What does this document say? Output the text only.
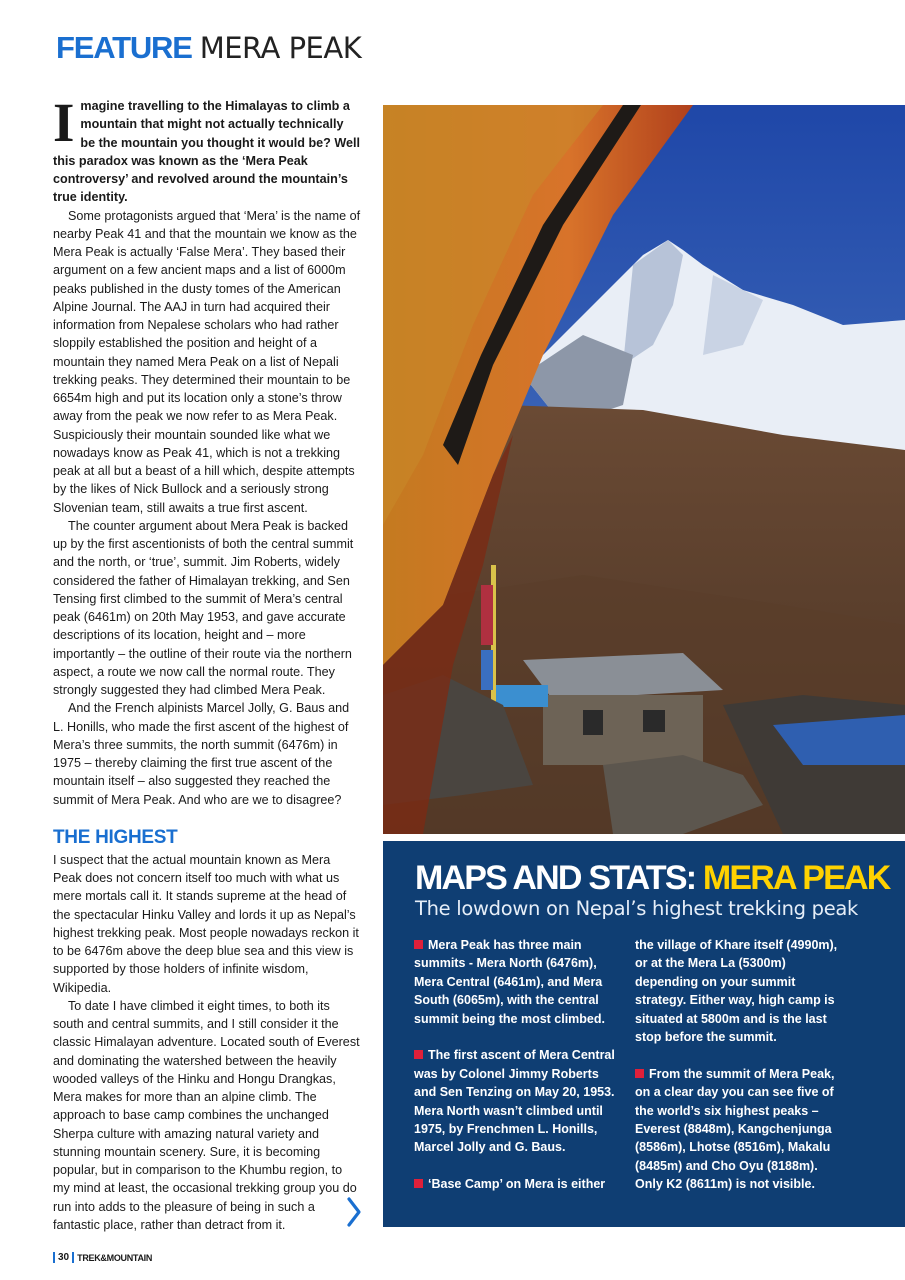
FEATURE MERA PEAK

Imagine travelling to the Himalayas to climb a mountain that might not actually technically be the mountain you thought it would be? Well this paradox was known as the ‘Mera Peak controversy’ and revolved around the mountain’s true identity.

Some protagonists argued that ‘Mera’ is the name of nearby Peak 41 and that the mountain we know as the Mera Peak is actually ‘False Mera’. They based their argument on a few ancient maps and a list of 6000m peaks published in the dusty tomes of the American Alpine Journal. The AAJ in turn had acquired their information from Nepalese scholars who had rather sloppily established the position and height of a mountain they named Mera Peak on a list of Nepali trekking peaks. They determined their mountain to be 6654m high and put its location only a stone’s throw away from the peak we now refer to as Mera Peak. Suspiciously their mountain sounded like what we nowadays know as Peak 41, which is not a trekking peak at all but a beast of a hill which, despite attempts by the likes of Nick Bullock and a seriously strong Slovenian team, still awaits a true first ascent.

The counter argument about Mera Peak is backed up by the first ascentionists of both the central summit and the north, or ‘true’, summit. Jim Roberts, widely considered the father of Himalayan trekking, and Sen Tensing first climbed to the summit of Mera’s central peak (6461m) on 20th May 1953, and gave accurate descriptions of its location, height and – more importantly – the outline of their route via the northern aspect, a route we now call the normal route. They strongly suggested they had climbed Mera Peak.

And the French alpinists Marcel Jolly, G. Baus and L. Honills, who made the first ascent of the highest of Mera’s three summits, the north summit (6476m) in 1975 – thereby claiming the first true ascent of the mountain itself – also suggested they reached the summit of Mera Peak. And who are we to disagree?

THE HIGHEST

I suspect that the actual mountain known as Mera Peak does not concern itself too much with what us mere mortals call it. It stands supreme at the head of the spectacular Hinku Valley and lords it up as Nepal’s highest trekking peak. Most people nowadays reckon it to be 6476m above the deep blue sea and this view is supported by those holders of infinite wisdom, Wikipedia.

To date I have climbed it eight times, to both its south and central summits, and I still consider it the classic Himalayan adventure. Located south of Everest and dominating the watershed between the heavily wooded valleys of the Hinku and Hongu Drangkas, Mera makes for more than an alpine climb. The approach to base camp combines the unchanged Sherpa culture with amazing natural variety and stunning mountain scenery. Sure, it is becoming popular, but in comparison to the Khumbu region, to my mind at least, the occasional trekking group you do run into adds to the pleasure of being in such a fantastic place, rather than detract from it.

MAPS AND STATS: MERA PEAK
The lowdown on Nepal’s highest trekking peak

Mera Peak has three main summits - Mera North (6476m), Mera Central (6461m), and Mera South (6065m), with the central summit being the most climbed.

The first ascent of Mera Central was by Colonel Jimmy Roberts and Sen Tenzing on May 20, 1953. Mera North wasn’t climbed until 1975, by Frenchmen L. Honills, Marcel Jolly and G. Baus.

‘Base Camp’ on Mera is either

the village of Khare itself (4990m), or at the Mera La (5300m) depending on your summit strategy. Either way, high camp is situated at 5800m and is the last stop before the summit.

From the summit of Mera Peak, on a clear day you can see five of the world’s six highest peaks – Everest (8848m), Kangchenjunga (8586m), Lhotse (8516m), Makalu (8485m) and Cho Oyu (8188m). Only K2 (8611m) is not visible.

30 TREK&MOUNTAIN
